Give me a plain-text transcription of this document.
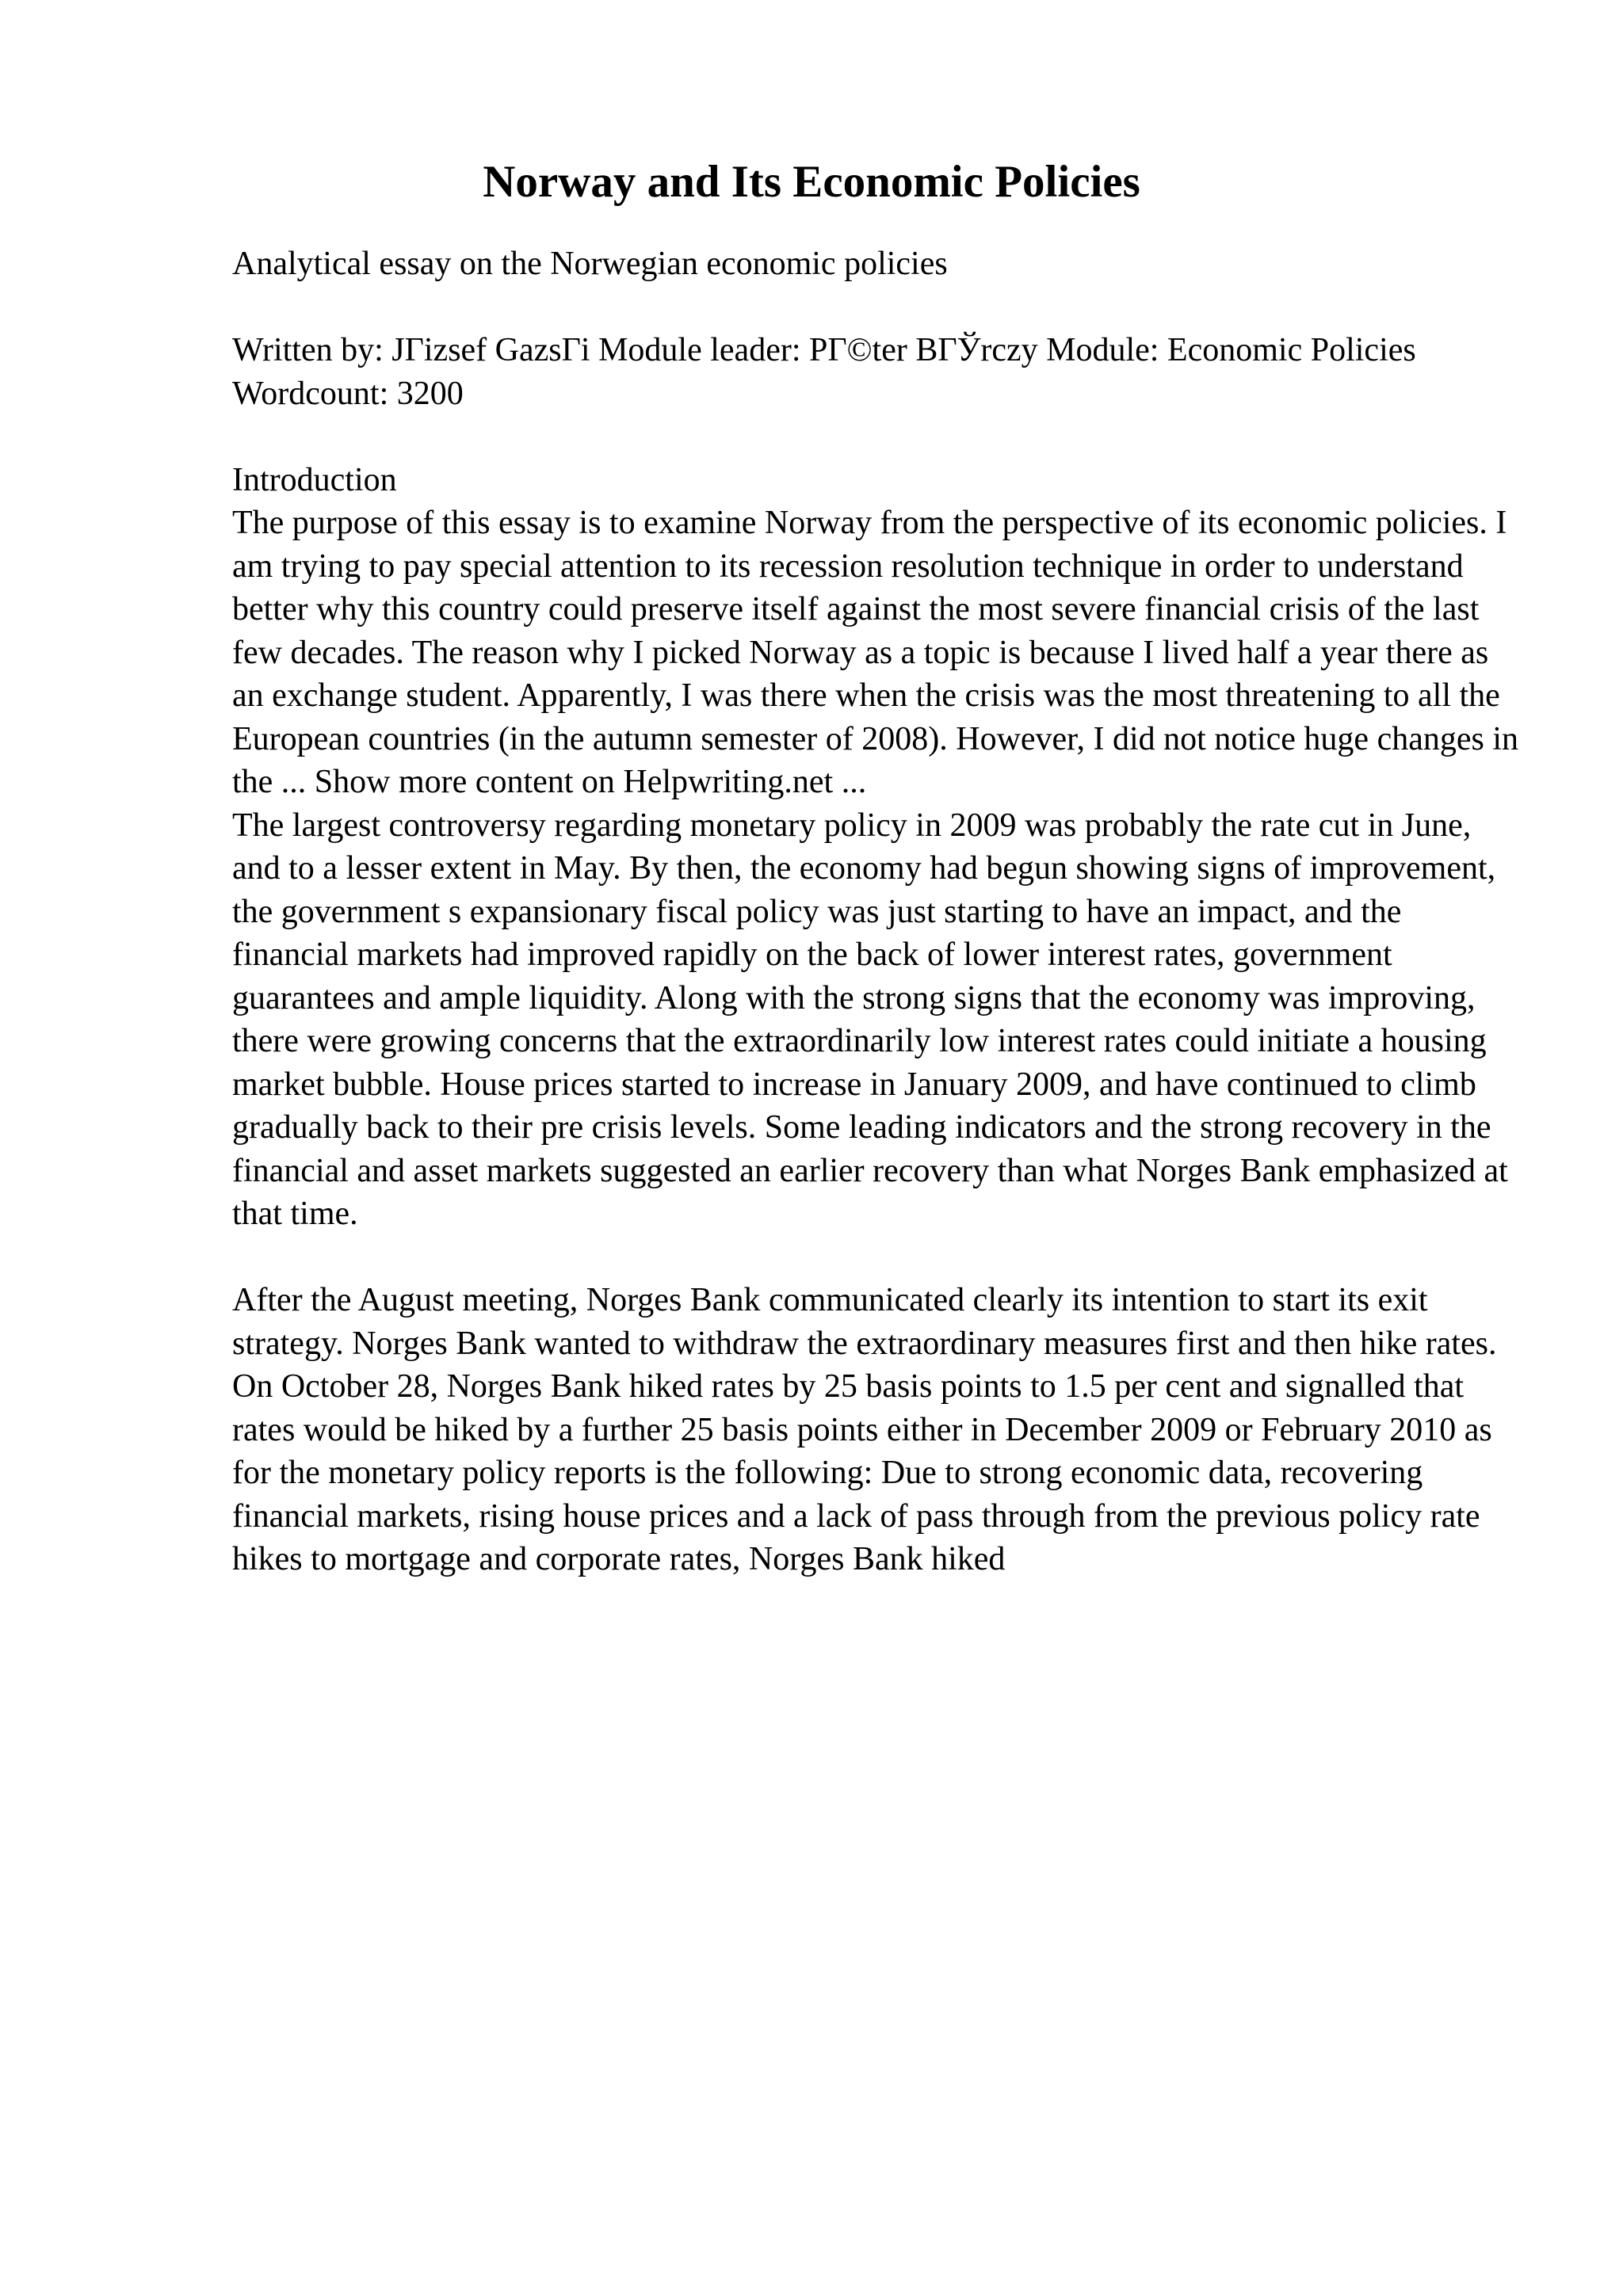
Norway and Its Economic Policies

Analytical essay on the Norwegian economic policies

Written by: JГіzsef GazsГі Module leader: PГ©ter BГЎrczy Module: Economic Policies Wordcount: 3200

Introduction

The purpose of this essay is to examine Norway from the perspective of its economic policies. I am trying to pay special attention to its recession resolution technique in order to understand better why this country could preserve itself against the most severe financial crisis of the last few decades. The reason why I picked Norway as a topic is because I lived half a year there as an exchange student. Apparently, I was there when the crisis was the most threatening to all the European countries (in the autumn semester of 2008). However, I did not notice huge changes in the ... Show more content on Helpwriting.net ...

The largest controversy regarding monetary policy in 2009 was probably the rate cut in June, and to a lesser extent in May. By then, the economy had begun showing signs of improvement, the government s expansionary fiscal policy was just starting to have an impact, and the financial markets had improved rapidly on the back of lower interest rates, government guarantees and ample liquidity. Along with the strong signs that the economy was improving, there were growing concerns that the extraordinarily low interest rates could initiate a housing market bubble. House prices started to increase in January 2009, and have continued to climb gradually back to their pre crisis levels. Some leading indicators and the strong recovery in the financial and asset markets suggested an earlier recovery than what Norges Bank emphasized at that time.

After the August meeting, Norges Bank communicated clearly its intention to start its exit strategy. Norges Bank wanted to withdraw the extraordinary measures first and then hike rates. On October 28, Norges Bank hiked rates by 25 basis points to 1.5 per cent and signalled that rates would be hiked by a further 25 basis points either in December 2009 or February 2010 as for the monetary policy reports is the following: Due to strong economic data, recovering financial markets, rising house prices and a lack of pass through from the previous policy rate hikes to mortgage and corporate rates, Norges Bank hiked
